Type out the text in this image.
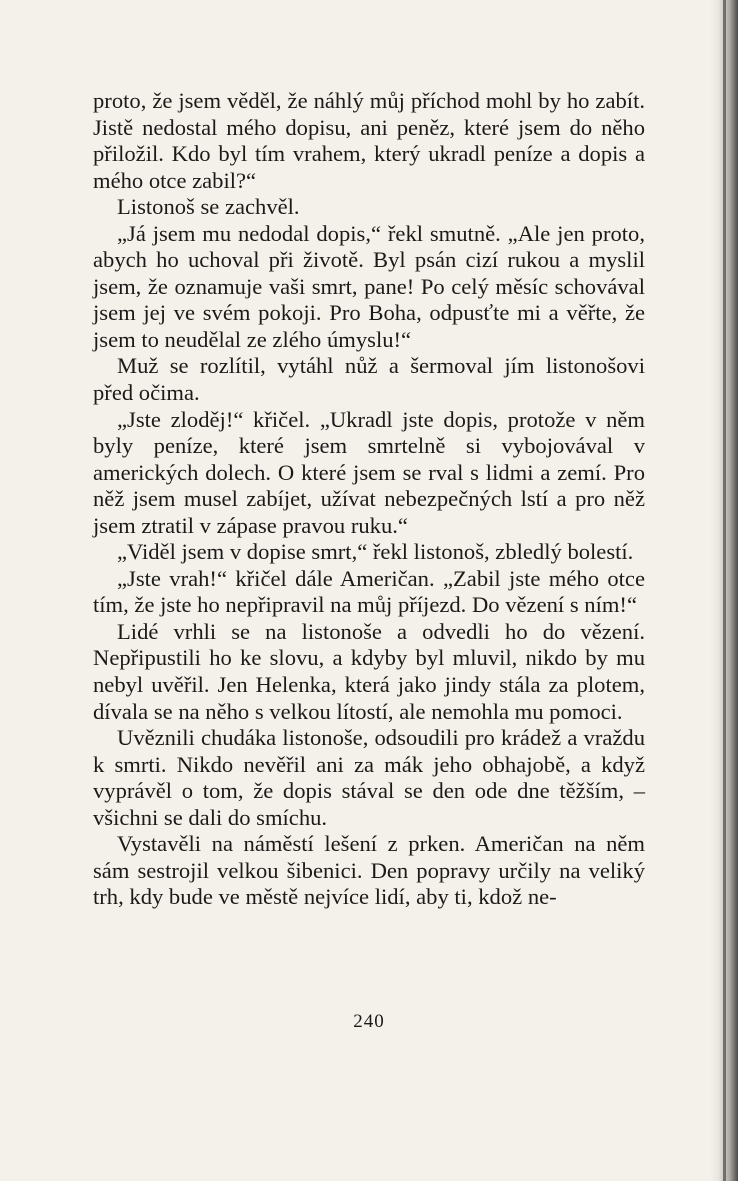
proto, že jsem věděl, že náhlý můj příchod mohl by ho zabít. Jistě nedostal mého dopisu, ani peněz, které jsem do něho přiložil. Kdo byl tím vrahem, který ukradl peníze a dopis a mého otce zabil?“

Listonoš se zachvěl.

„Já jsem mu nedodal dopis,“ řekl smutně. „Ale jen proto, abych ho uchoval při životě. Byl psán cizí rukou a myslil jsem, že oznamuje vaši smrt, pane! Po celý měsíc schovával jsem jej ve svém pokoji. Pro Boha, odpusťte mi a věřte, že jsem to neudělal ze zlého úmyslu!“

Muž se rozlítil, vytáhl nůž a šermoval jím listonošovi před očima.

„Jste zloděj!“ křičel. „Ukradl jste dopis, protože v něm byly peníze, které jsem smrtelně si vybojovával v amerických dolech. O které jsem se rval s lidmi a zemí. Pro něž jsem musel zabíjet, užívat nebezpečných lstí a pro něž jsem ztratil v zápase pravou ruku.“

„Viděl jsem v dopise smrt,“ řekl listonoš, zbledlý bolestí.

„Jste vrah!“ křičel dále Američan. „Zabil jste mého otce tím, že jste ho nepřipravil na můj příjezd. Do vězení s ním!“

Lidé vrhli se na listonoše a odvedli ho do vězení. Nepřipustili ho ke slovu, a kdyby byl mluvil, nikdo by mu nebyl uvěřil. Jen Helenka, která jako jindy stála za plotem, dívala se na něho s velkou lítostí, ale nemohla mu pomoci.

Uvěznili chudáka listonoše, odsoudili pro krádež a vraždu k smrti. Nikdo nevěřil ani za mák jeho obhajobě, a když vyprávěl o tom, že dopis stával se den ode dne těžším, – všichni se dali do smíchu.

Vystavěli na náměstí lešení z prken. Američan na něm sám sestrojil velkou šibenici. Den popravy určily na veliký trh, kdy bude ve městě nejvíce lidí, aby ti, kdož ne-

240
